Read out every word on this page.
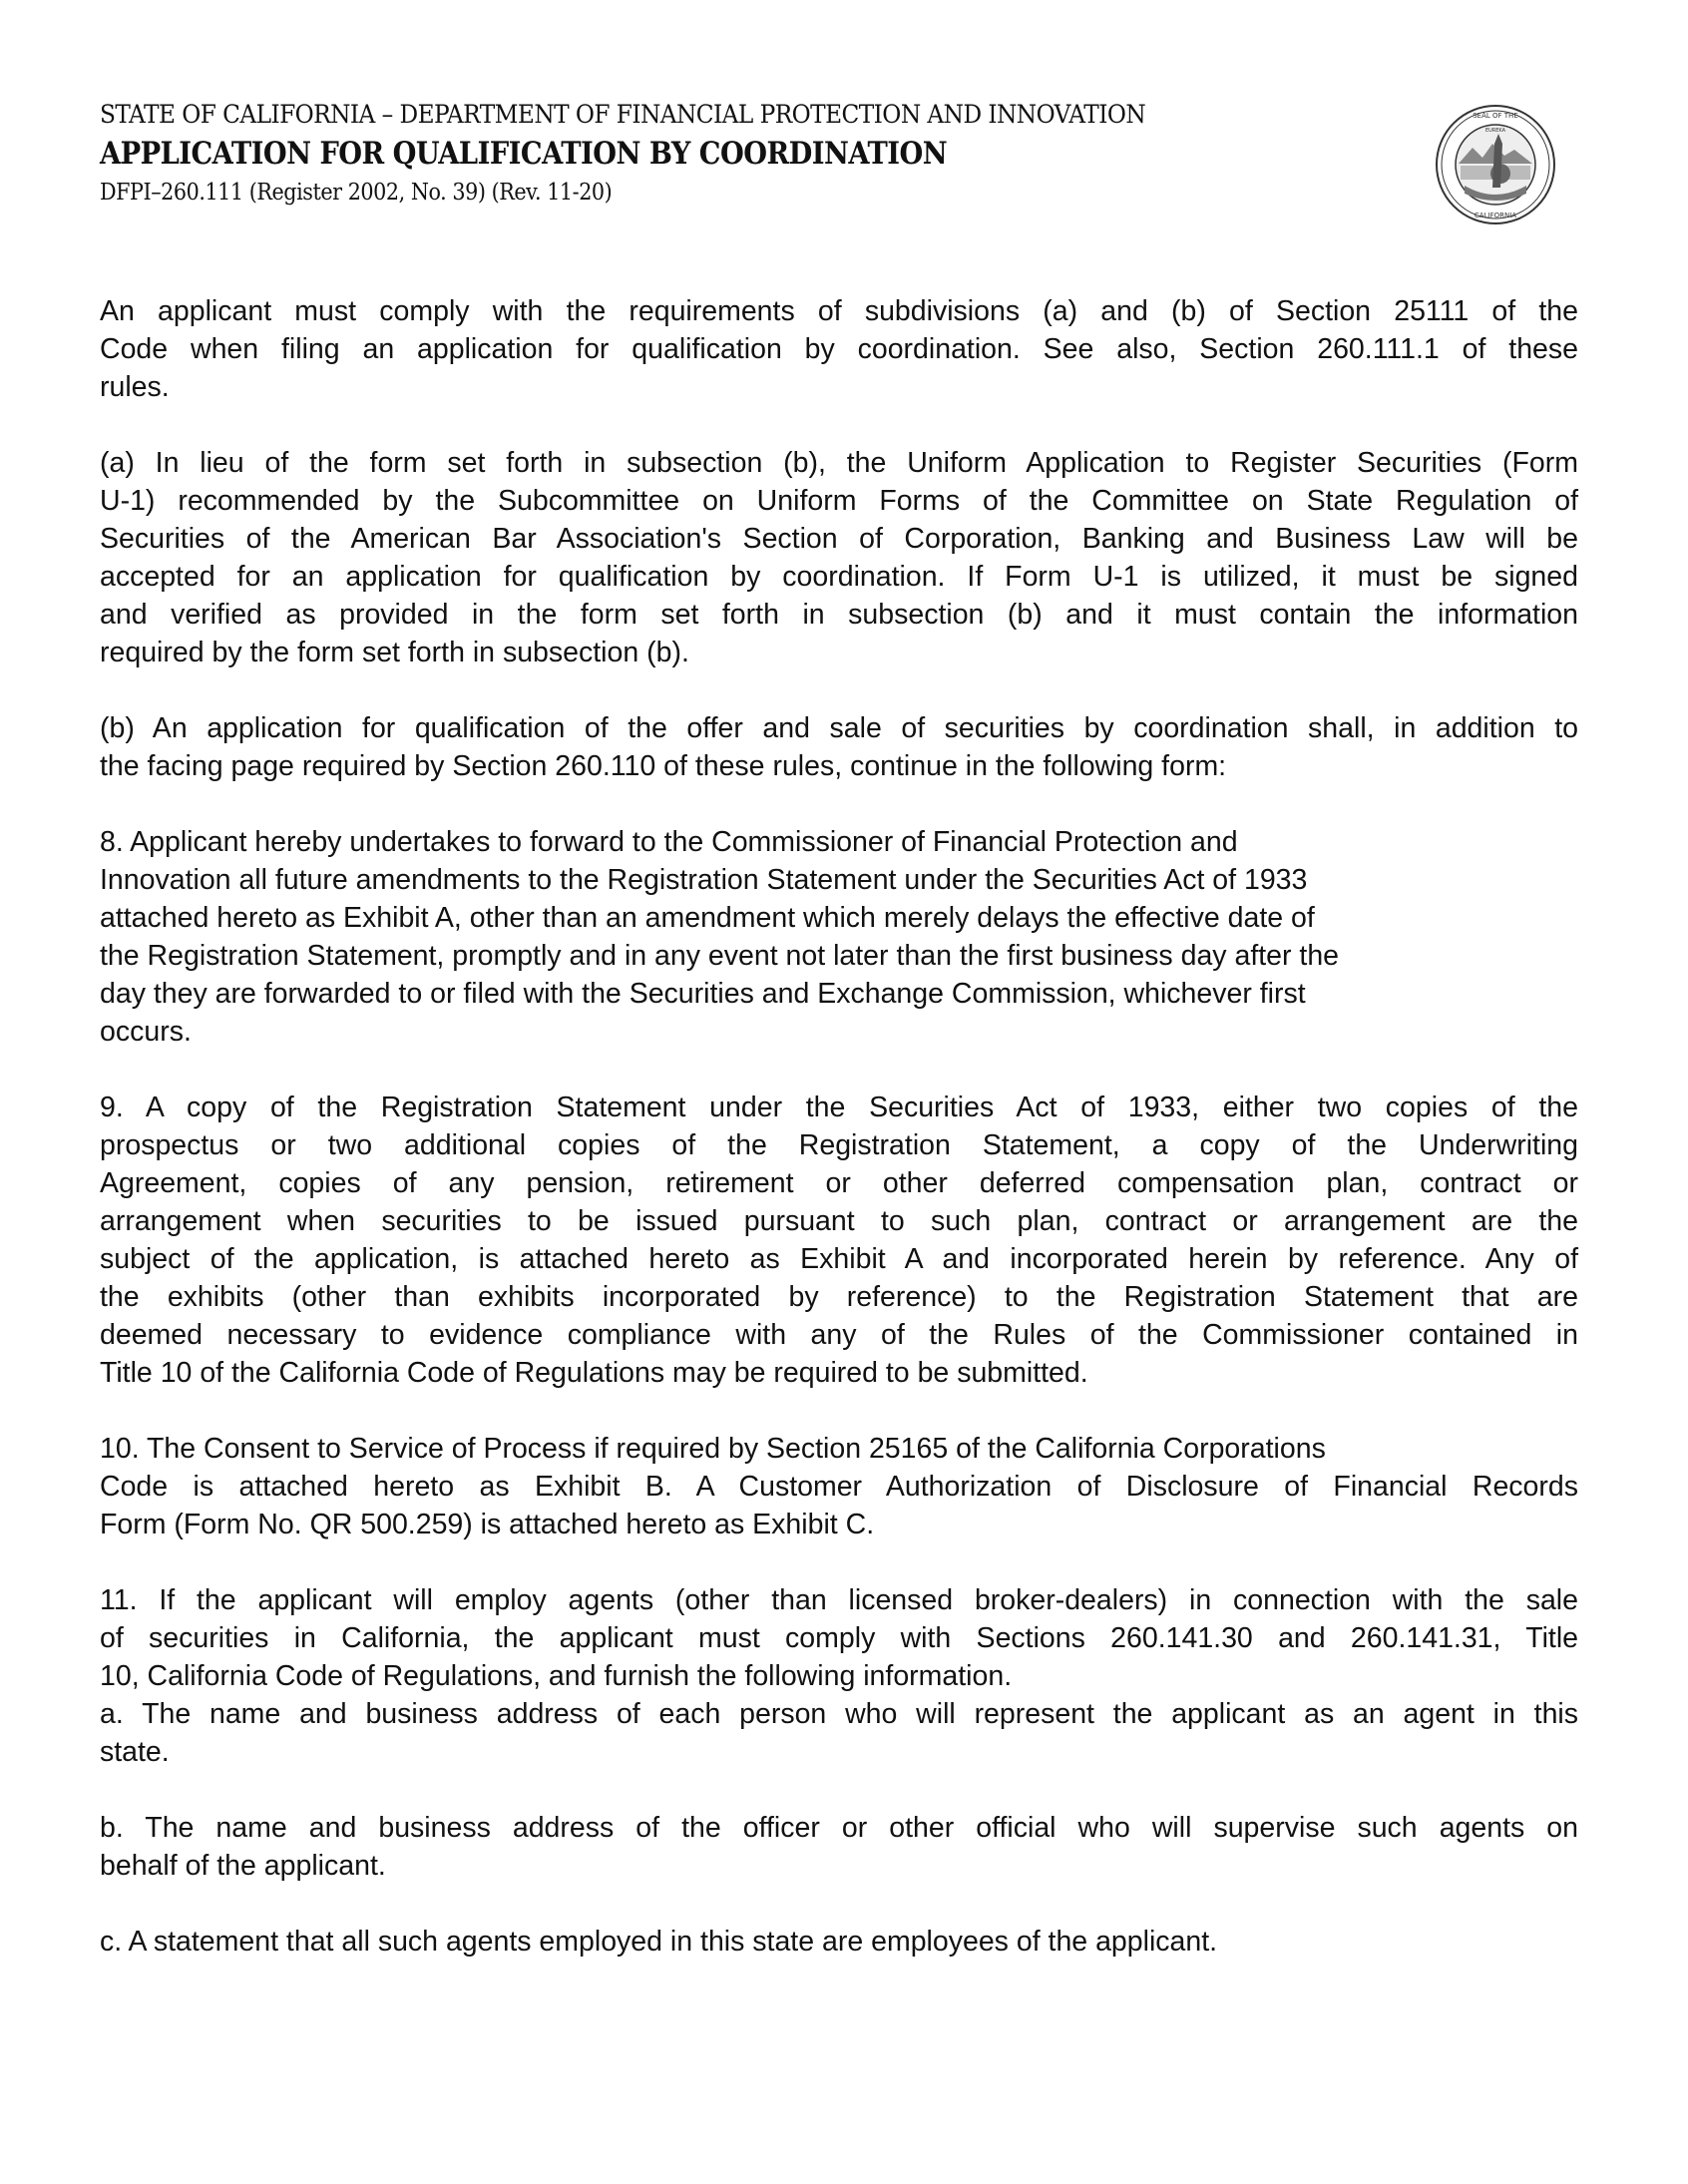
STATE OF CALIFORNIA – DEPARTMENT OF FINANCIAL PROTECTION AND INNOVATION
APPLICATION FOR QUALIFICATION BY COORDINATION
DFPI–260.111 (Register 2002, No. 39) (Rev. 11-20)
SEAL OF THE
CALIFORNIA
EUREKA
An applicant must comply with the requirements of subdivisions (a) and (b) of Section 25111 of the
Code when filing an application for qualification by coordination. See also, Section 260.111.1 of these
rules.
(a) In lieu of the form set forth in subsection (b), the Uniform Application to Register Securities (Form
U-1) recommended by the Subcommittee on Uniform Forms of the Committee on State Regulation of
Securities of the American Bar Association's Section of Corporation, Banking and Business Law will be
accepted for an application for qualification by coordination. If Form U-1 is utilized, it must be signed
and verified as provided in the form set forth in subsection (b) and it must contain the information
required by the form set forth in subsection (b).
(b) An application for qualification of the offer and sale of securities by coordination shall, in addition to
the facing page required by Section 260.110 of these rules, continue in the following form:
8. Applicant hereby undertakes to forward to the Commissioner of Financial Protection and
Innovation all future amendments to the Registration Statement under the Securities Act of 1933
attached hereto as Exhibit A, other than an amendment which merely delays the effective date of
the Registration Statement, promptly and in any event not later than the first business day after the
day they are forwarded to or filed with the Securities and Exchange Commission, whichever first
occurs.
9. A copy of the Registration Statement under the Securities Act of 1933, either two copies of the
prospectus or two additional copies of the Registration Statement, a copy of the Underwriting
Agreement, copies of any pension, retirement or other deferred compensation plan, contract or
arrangement when securities to be issued pursuant to such plan, contract or arrangement are the
subject of the application, is attached hereto as Exhibit A and incorporated herein by reference. Any of
the exhibits (other than exhibits incorporated by reference) to the Registration Statement that are
deemed necessary to evidence compliance with any of the Rules of the Commissioner contained in
Title 10 of the California Code of Regulations may be required to be submitted.
10. The Consent to Service of Process if required by Section 25165 of the California Corporations
Code is attached hereto as Exhibit B. A Customer Authorization of Disclosure of Financial Records
Form (Form No. QR 500.259) is attached hereto as Exhibit C.
11. If the applicant will employ agents (other than licensed broker-dealers) in connection with the sale
of securities in California, the applicant must comply with Sections 260.141.30 and 260.141.31, Title
10, California Code of Regulations, and furnish the following information.
a. The name and business address of each person who will represent the applicant as an agent in this
state.
b. The name and business address of the officer or other official who will supervise such agents on
behalf of the applicant.
c. A statement that all such agents employed in this state are employees of the applicant.
